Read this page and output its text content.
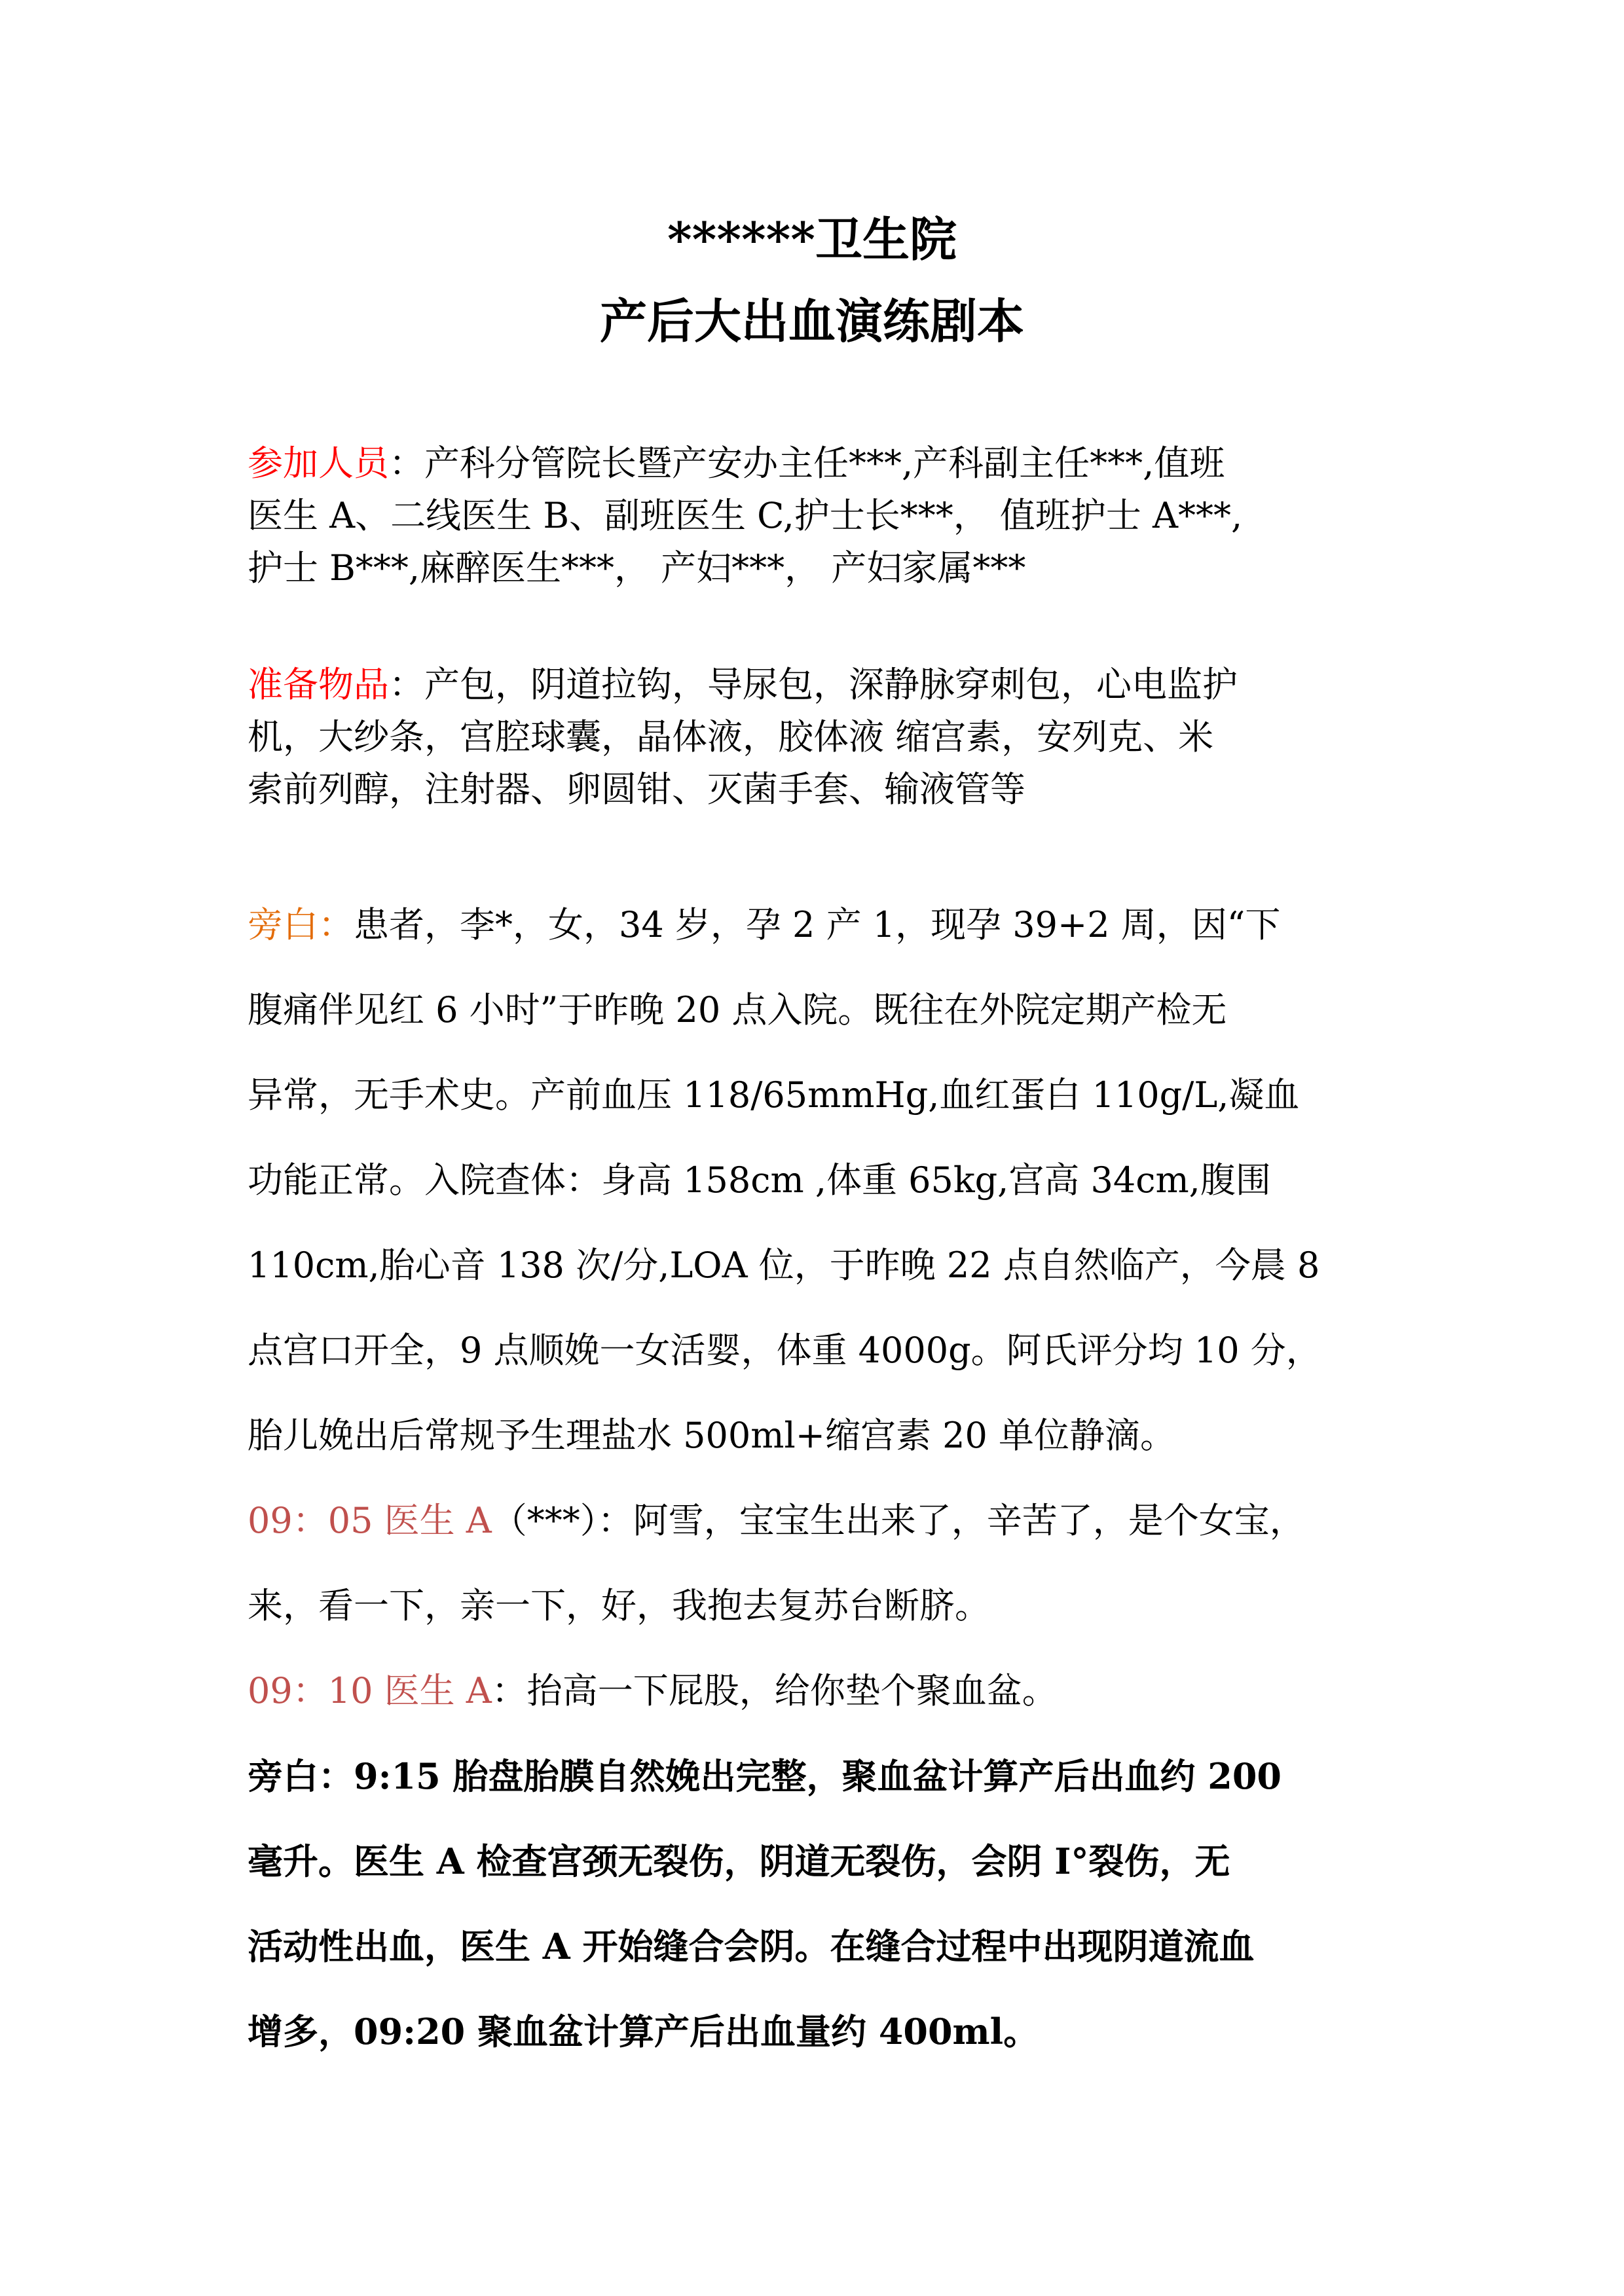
******卫生院
产后大出血演练剧本
参加人员：产科分管院长暨产安办主任***,产科副主任***,值班
医生 A、二线医生 B、副班医生 C,护士长***， 值班护士 A***,
护士 B***,麻醉医生***， 产妇***， 产妇家属***
准备物品：产包，阴道拉钩，导尿包，深静脉穿刺包，心电监护
机，大纱条，宫腔球囊，晶体液，胶体液 缩宫素，安列克、米
索前列醇，注射器、卵圆钳、灭菌手套、输液管等
旁白：患者，李*，女，34 岁，孕 2 产 1，现孕 39+2 周，因“下
腹痛伴见红 6 小时”于昨晚 20 点入院。既往在外院定期产检无
异常，无手术史。产前血压 118/65mmHg,血红蛋白 110g/L,凝血
功能正常。入院查体：身高 158cm ,体重 65kg,宫高 34cm,腹围
110cm,胎心音 138 次/分,LOA 位，于昨晚 22 点自然临产，今晨 8
点宫口开全，9 点顺娩一女活婴，体重 4000g。阿氏评分均 10 分，
胎儿娩出后常规予生理盐水 500ml+缩宫素 20 单位静滴。
09：05 医生 A（***）：阿雪，宝宝生出来了，辛苦了，是个女宝，
来，看一下，亲一下，好，我抱去复苏台断脐。
09：10 医生 A：抬高一下屁股，给你垫个聚血盆。
旁白：9:15 胎盘胎膜自然娩出完整，聚血盆计算产后出血约 200
毫升。医生 A 检查宫颈无裂伤，阴道无裂伤，会阴 I°裂伤，无
活动性出血，医生 A 开始缝合会阴。在缝合过程中出现阴道流血
增多，09:20 聚血盆计算产后出血量约 400ml。
